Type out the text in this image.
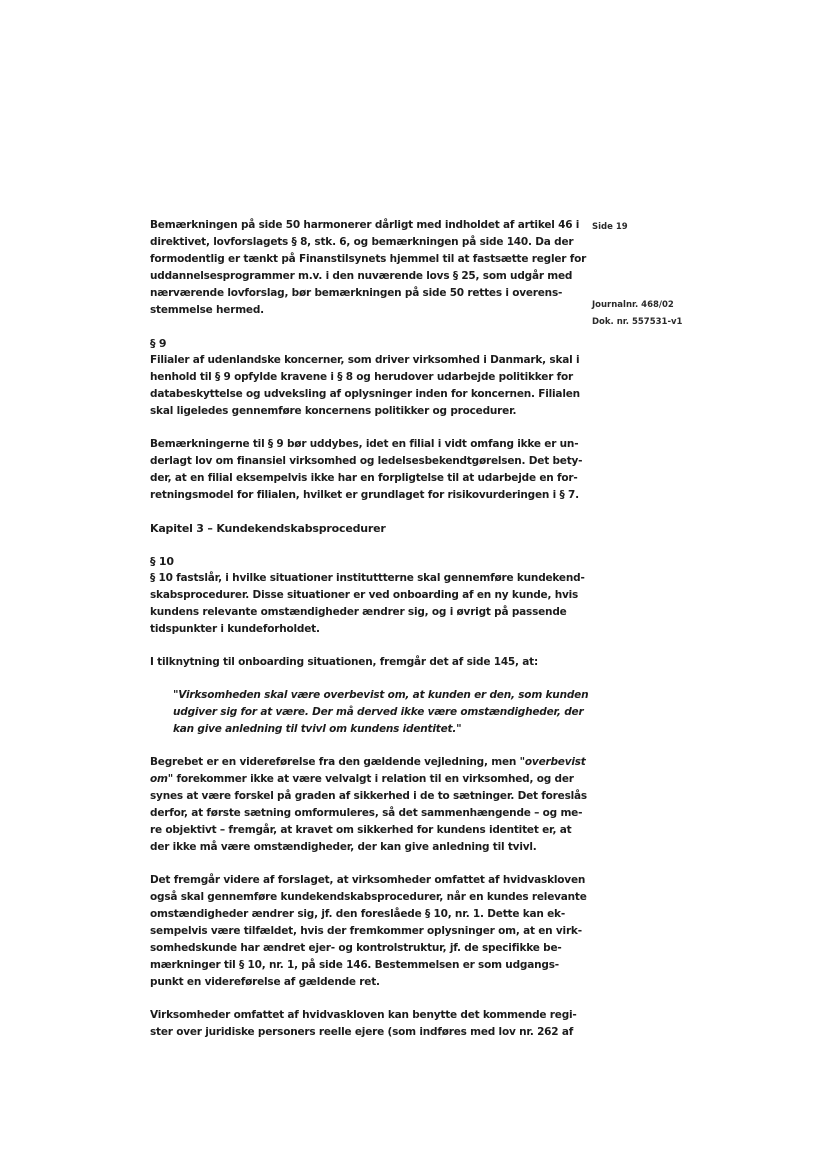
Side 19
Journalnr. 468/02
Dok. nr. 557531-v1

Bemærkningen på side 50 harmonerer dårligt med indholdet af artikel 46 i
direktivet, lovforslagets § 8, stk. 6, og bemærkningen på side 140. Da der
formodentlig er tænkt på Finanstilsynets hjemmel til at fastsætte regler for
uddannelsesprogrammer m.v. i den nuværende lovs § 25, som udgår med
nærværende lovforslag, bør bemærkningen på side 50 rettes i overens-
stemmelse hermed.

§ 9

Filialer af udenlandske koncerner, som driver virksomhed i Danmark, skal i
henhold til § 9 opfylde kravene i § 8 og herudover udarbejde politikker for
databeskyttelse og udveksling af oplysninger inden for koncernen. Filialen
skal ligeledes gennemføre koncernens politikker og procedurer.

Bemærkningerne til § 9 bør uddybes, idet en filial i vidt omfang ikke er un-
derlagt lov om finansiel virksomhed og ledelsesbekendtgørelsen. Det bety-
der, at en filial eksempelvis ikke har en forpligtelse til at udarbejde en for-
retningsmodel for filialen, hvilket er grundlaget for risikovurderingen i § 7.

Kapitel 3 – Kundekendskabsprocedurer

§ 10

§ 10 fastslår, i hvilke situationer instituttterne skal gennemføre kundekend-
skabsprocedurer. Disse situationer er ved onboarding af en ny kunde, hvis
kundens relevante omstændigheder ændrer sig, og i øvrigt på passende
tidspunkter i kundeforholdet.

I tilknytning til onboarding situationen, fremgår det af side 145, at:

"Virksomheden skal være overbevist om, at kunden er den, som kunden
udgiver sig for at være. Der må derved ikke være omstændigheder, der
kan give anledning til tvivl om kundens identitet."

Begrebet er en videreførelse fra den gældende vejledning, men "overbevist
om" forekommer ikke at være velvalgt i relation til en virksomhed, og der
synes at være forskel på graden af sikkerhed i de to sætninger. Det foreslås
derfor, at første sætning omformuleres, så det sammenhængende – og me-
re objektivt – fremgår, at kravet om sikkerhed for kundens identitet er, at
der ikke må være omstændigheder, der kan give anledning til tvivl.

Det fremgår videre af forslaget, at virksomheder omfattet af hvidvaskloven
også skal gennemføre kundekendskabsprocedurer, når en kundes relevante
omstændigheder ændrer sig, jf. den foreslåede § 10, nr. 1. Dette kan ek-
sempelvis være tilfældet, hvis der fremkommer oplysninger om, at en virk-
somhedskunde har ændret ejer- og kontrolstruktur, jf. de specifikke be-
mærkninger til § 10, nr. 1, på side 146. Bestemmelsen er som udgangs-
punkt en videreførelse af gældende ret.

Virksomheder omfattet af hvidvaskloven kan benytte det kommende regi-
ster over juridiske personers reelle ejere (som indføres med lov nr. 262 af
